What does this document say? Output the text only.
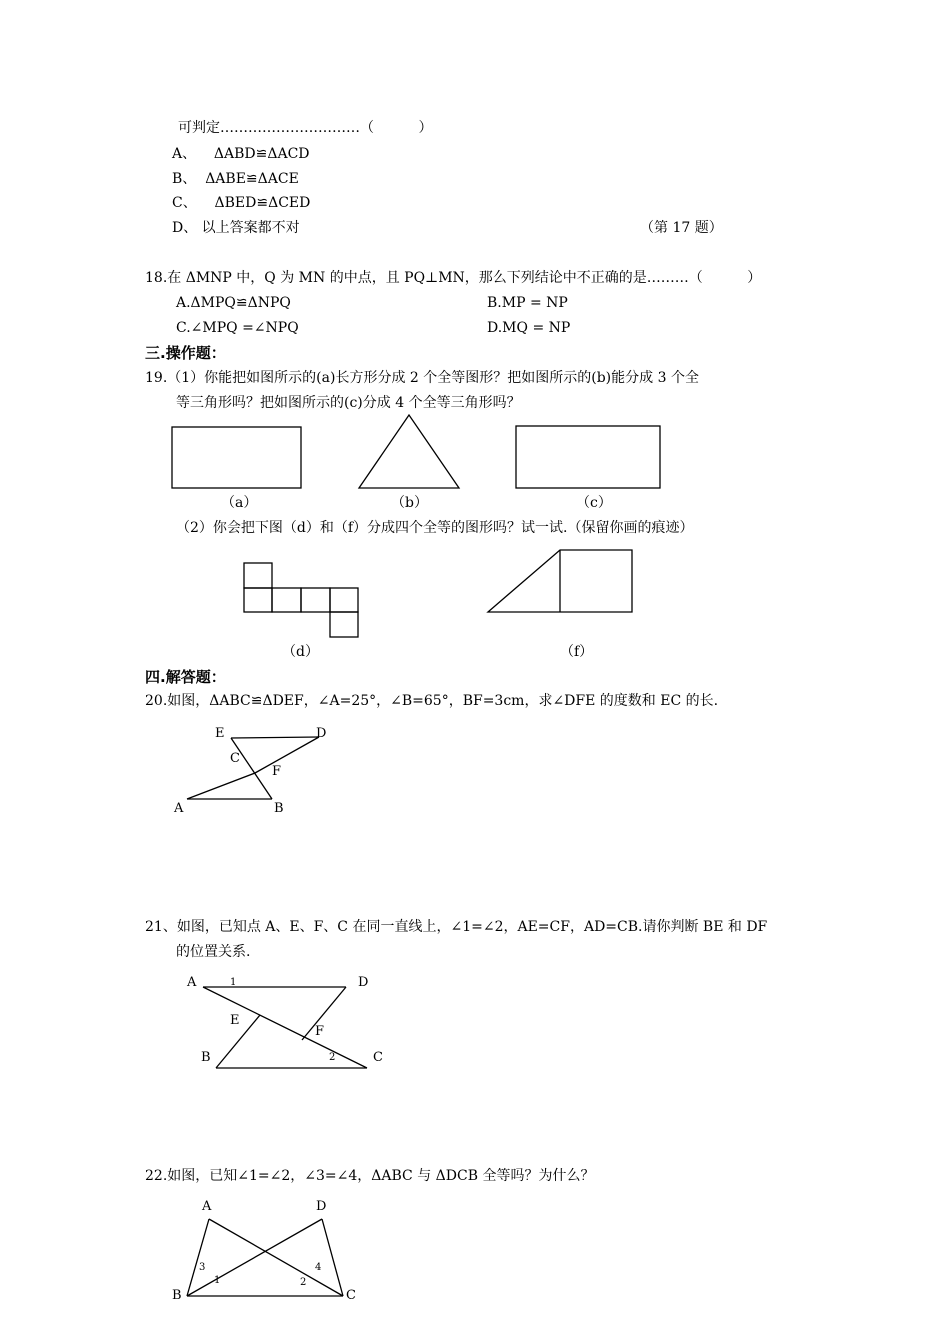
可判定…………………………（          ）
A、    ΔABD≌ΔACD
B、  ΔABE≌ΔACE
C、    ΔBED≌ΔCED
D、 以上答案都不对	（第 17 题）
18.在 ΔMNP 中，Q 为 MN 的中点，且 PQ⊥MN，那么下列结论中不正确的是………（          ）
A.ΔMPQ≌ΔNPQ	B.MP = NP
C.∠MPQ =∠NPQ	D.MQ = NP
三.操作题：
19.（1）你能把如图所示的(a)长方形分成 2 个全等图形？把如图所示的(b)能分成 3 个全
等三角形吗？把如图所示的(c)分成 4 个全等三角形吗？
（a）	（b）	（c）
（2）你会把下图（d）和（f）分成四个全等的图形吗？试一试.（保留你画的痕迹）
（d）	（f）
四.解答题：
20.如图，ΔABC≌ΔDEF，∠A=25°，∠B=65°，BF=3cm，求∠DFE 的度数和 EC 的长.
E	D
C
F
A	B
21、如图，已知点 A、E、F、C 在同一直线上，∠1=∠2，AE=CF，AD=CB.请你判断 BE 和 DF
的位置关系.
A	D
E
F
B	C
1
2
22.如图，已知∠1=∠2，∠3=∠4，ΔABC 与 ΔDCB 全等吗？为什么？
A	D
B	C
3	4
1	2
